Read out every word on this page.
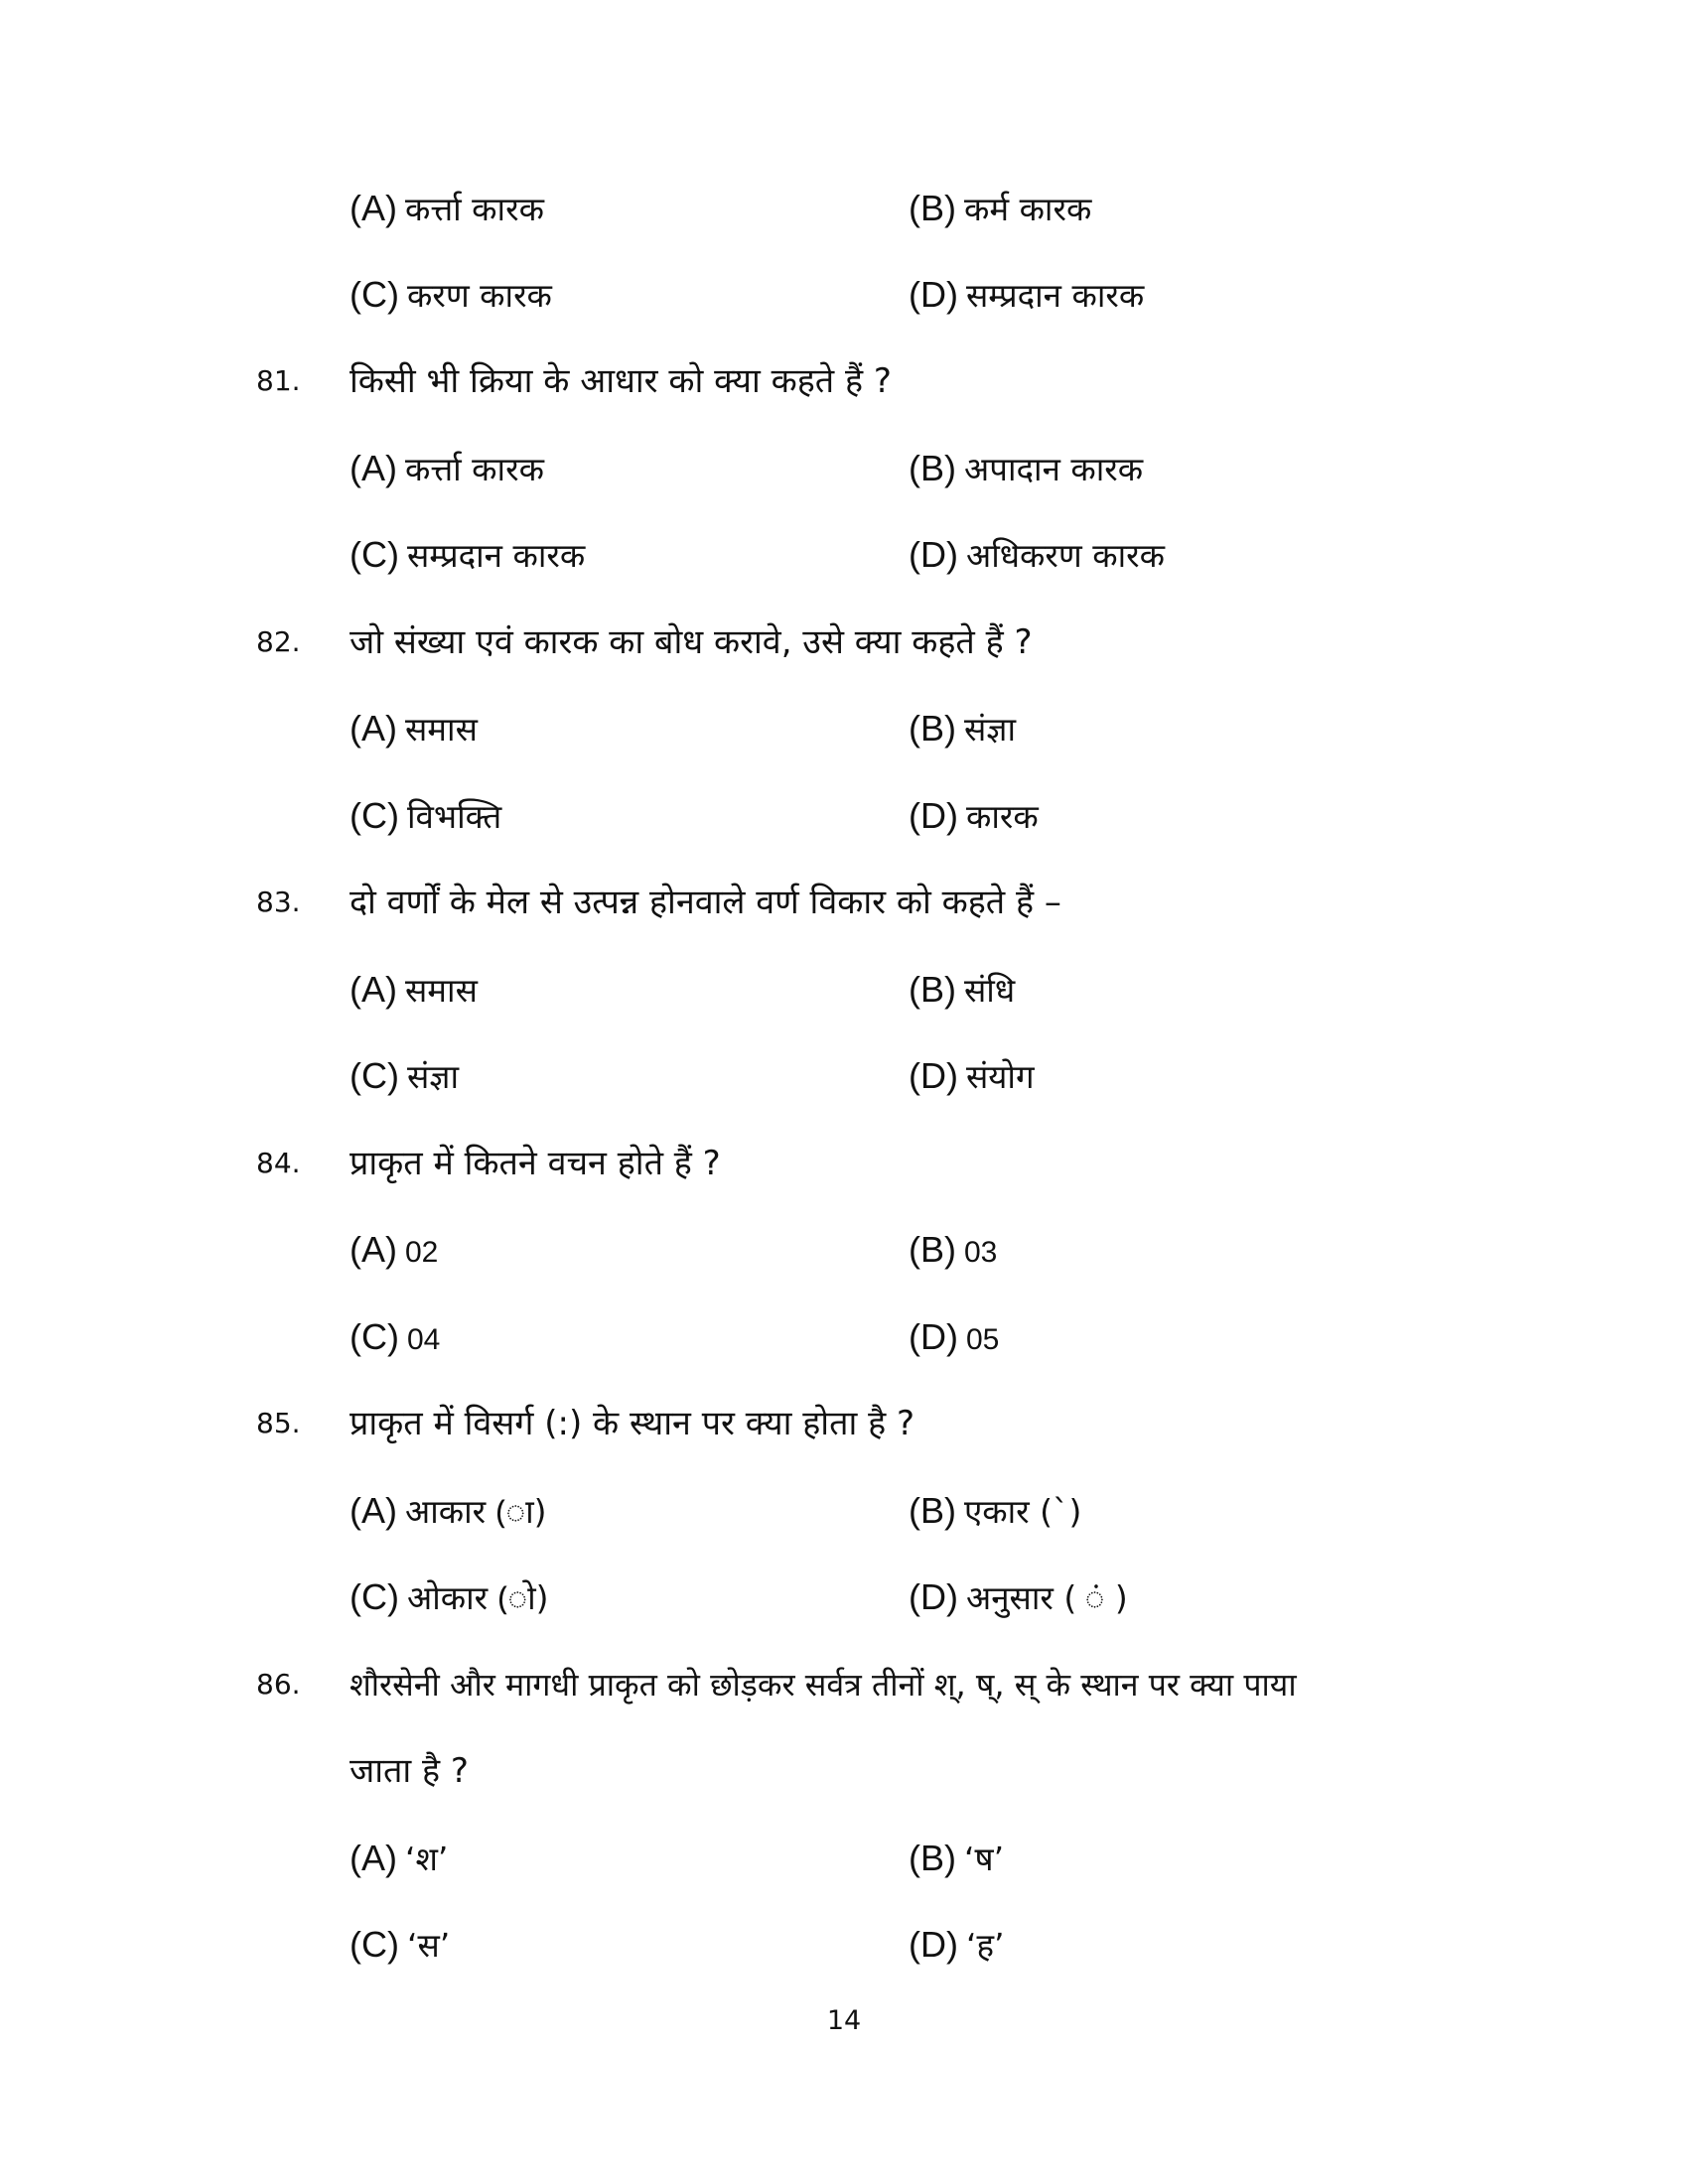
(A) कर्त्ता कारक	(B) कर्म कारक
(C) करण कारक	(D) सम्प्रदान कारक
81. किसी भी क्रिया के आधार को क्या कहते हैं ?
(A) कर्त्ता कारक	(B) अपादान कारक
(C) सम्प्रदान कारक	(D) अधिकरण कारक
82. जो संख्या एवं कारक का बोध करावे, उसे क्या कहते हैं ?
(A) समास	(B) संज्ञा
(C) विभक्ति	(D) कारक
83. दो वर्णों के मेल से उत्पन्न होनवाले वर्ण विकार को कहते हैं –
(A) समास	(B) संधि
(C) संज्ञा	(D) संयोग
84. प्राकृत में कितने वचन होते हैं ?
(A) 02	(B) 03
(C) 04	(D) 05
85. प्राकृत में विसर्ग (:) के स्थान पर क्या होता है ?
(A) आकार (ा)	(B) एकार (`)
(C) ओकार (ो)	(D) अनुसार ( ं )
86. शौरसेनी और मागधी प्राकृत को छोड़कर सर्वत्र तीनों श्, ष्, स् के स्थान पर क्या पाया
जाता है ?
(A) ‘श’	(B) ‘ष’
(C) ‘स’	(D) ‘ह’
14
